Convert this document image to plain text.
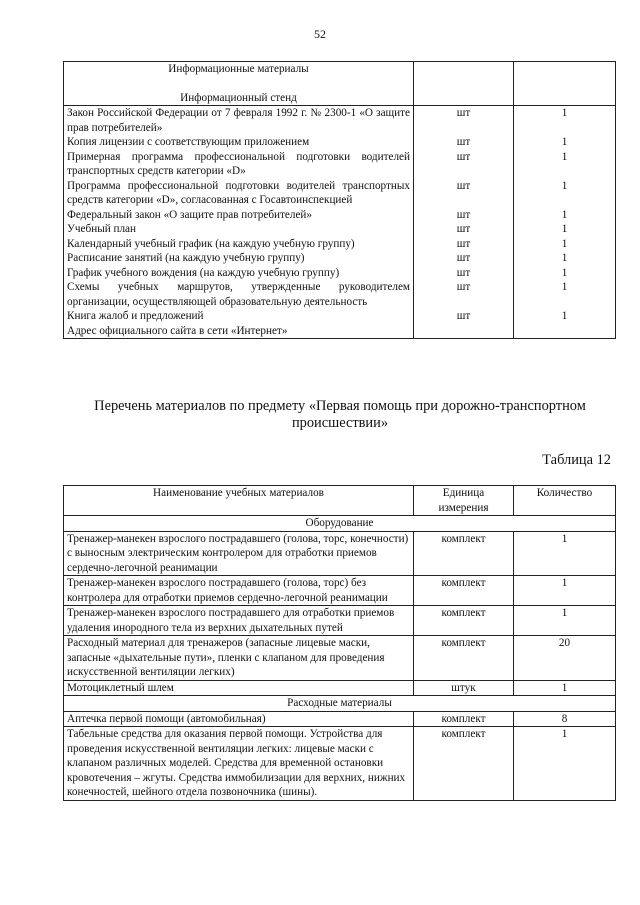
52
Информационные материалы		

Информационный стенд		
Закон Российской Федерации от 7 февраля 1992 г. № 2300-1 «О защите прав потребителей»	шт	1
Копия лицензии с соответствующим приложением	шт	1
Примерная программа профессиональной подготовки водителей транспортных средств категории «D»	шт	1
Программа профессиональной подготовки водителей транспортных средств категории «D», согласованная с Госавтоинспекцией	шт	1
Федеральный закон «О защите прав потребителей»	шт	1
Учебный план	шт	1
Календарный учебный график (на каждую учебную группу)	шт	1
Расписание занятий (на каждую учебную группу)	шт	1
График учебного вождения (на каждую учебную группу)	шт	1
Схемы учебных маршрутов, утвержденные руководителем организации, осуществляющей образовательную деятельность	шт	1
Книга жалоб и предложений	шт	1
Адрес официального сайта в сети «Интернет»		
Перечень материалов по предмету «Первая помощь при дорожно-транспортном происшествии»
Таблица 12
Наименование учебных материалов	Единица измерения	Количество
Оборудование		
Тренажер-манекен взрослого пострадавшего (голова, торс, конечности) с выносным электрическим контролером для отработки приемов сердечно-легочной реанимации	комплект	1
Тренажер-манекен взрослого пострадавшего (голова, торс) без контролера для отработки приемов сердечно-легочной реанимации	комплект	1
Тренажер-манекен взрослого пострадавшего для отработки приемов удаления инородного тела из верхних дыхательных путей	комплект	1
Расходный материал для тренажеров (запасные лицевые маски, запасные «дыхательные пути», пленки с клапаном для проведения искусственной вентиляции легких)	комплект	20
Мотоциклетный шлем	штук	1
Расходные материалы		
Аптечка первой помощи (автомобильная)	комплект	8
Табельные средства для оказания первой помощи. Устройства для проведения искусственной вентиляции легких: лицевые маски с клапаном различных моделей. Средства для временной остановки кровотечения – жгуты. Средства иммобилизации для верхних, нижних конечностей, шейного отдела позвоночника (шины).	комплект	1
